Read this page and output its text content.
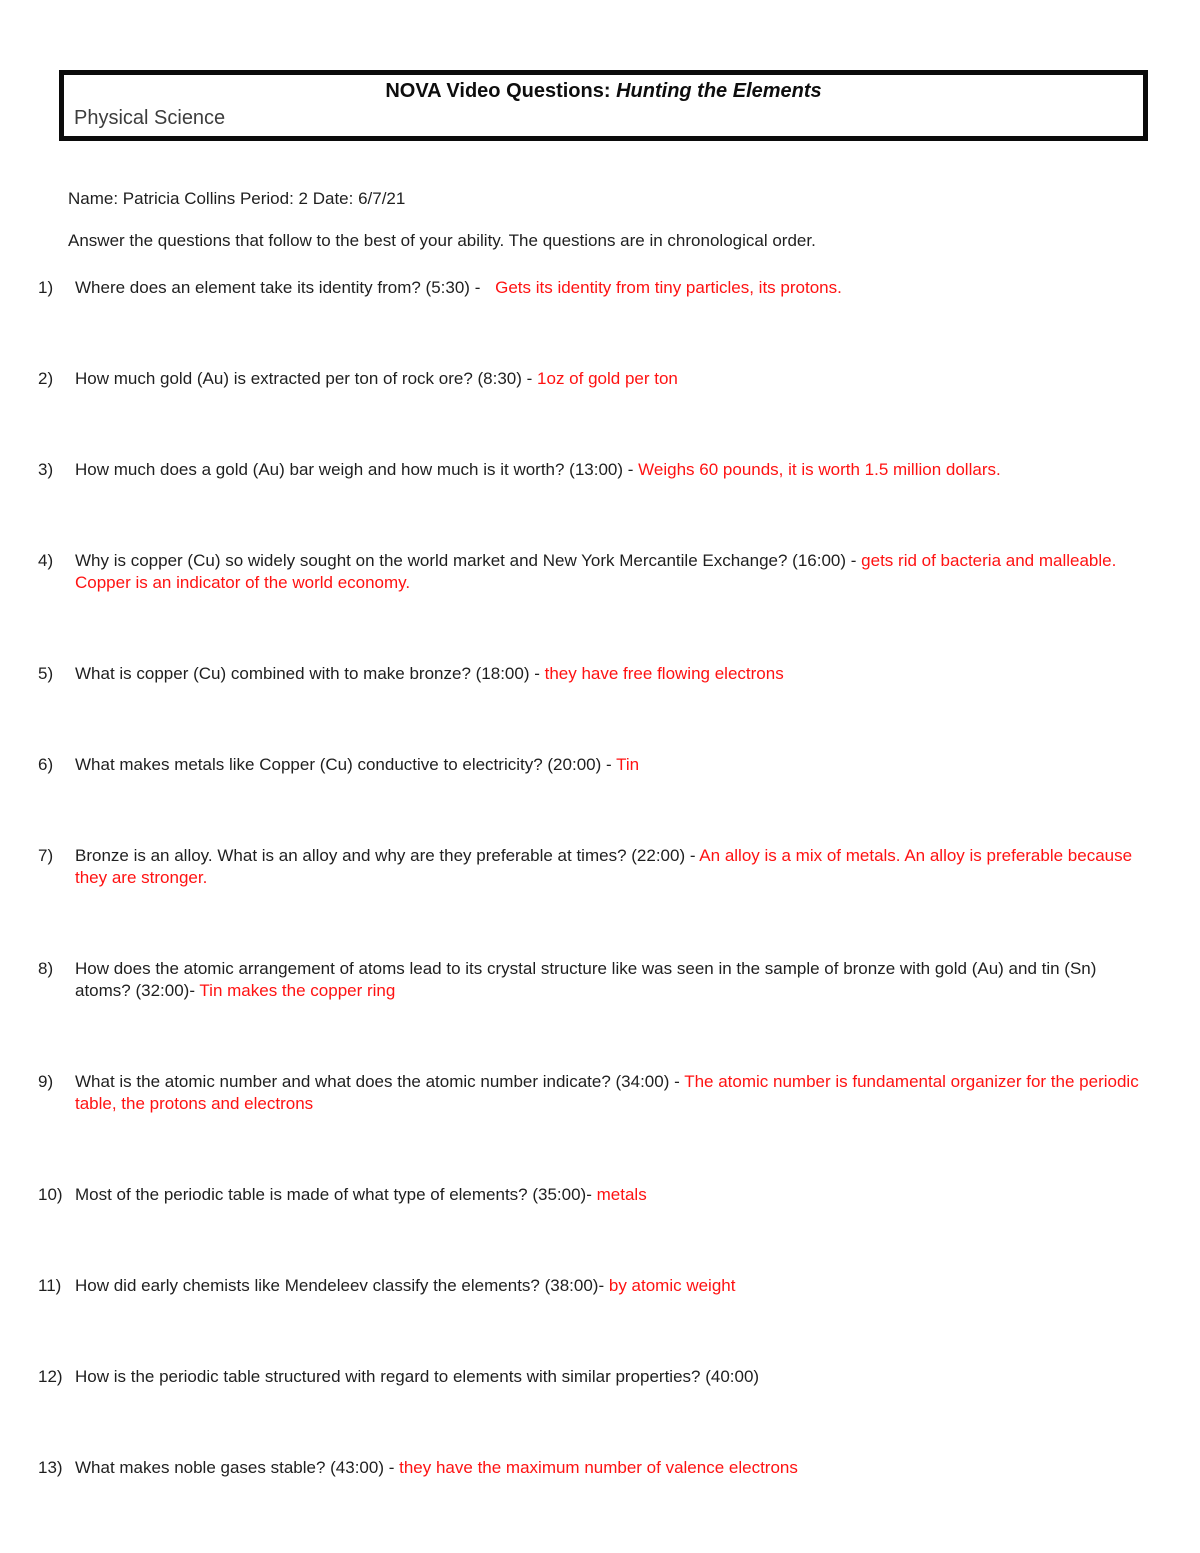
NOVA Video Questions: Hunting the Elements
Physical Science
Name: Patricia Collins Period: 2 Date: 6/7/21
Answer the questions that follow to the best of your ability. The questions are in chronological order.
1)	Where does an element take its identity from? (5:30) - Gets its identity from tiny particles, its protons.
2)	How much gold (Au) is extracted per ton of rock ore? (8:30) - 1oz of gold per ton
3)	How much does a gold (Au) bar weigh and how much is it worth? (13:00) - Weighs 60 pounds, it is worth 1.5 million dollars.
4)	Why is copper (Cu) so widely sought on the world market and New York Mercantile Exchange? (16:00) - gets rid of bacteria and malleable. Copper is an indicator of the world economy.
5)	What is copper (Cu) combined with to make bronze? (18:00) - they have free flowing electrons
6)	What makes metals like Copper (Cu) conductive to electricity? (20:00) - Tin
7)	Bronze is an alloy. What is an alloy and why are they preferable at times? (22:00) - An alloy is a mix of metals. An alloy is preferable because they are stronger.
8)	How does the atomic arrangement of atoms lead to its crystal structure like was seen in the sample of bronze with gold (Au) and tin (Sn) atoms? (32:00)- Tin makes the copper ring
9)	What is the atomic number and what does the atomic number indicate? (34:00) - The atomic number is fundamental organizer for the periodic table, the protons and electrons
10) Most of the periodic table is made of what type of elements? (35:00)- metals
11) How did early chemists like Mendeleev classify the elements? (38:00)- by atomic weight
12) How is the periodic table structured with regard to elements with similar properties? (40:00)
13) What makes noble gases stable? (43:00) - they have the maximum number of valence electrons
